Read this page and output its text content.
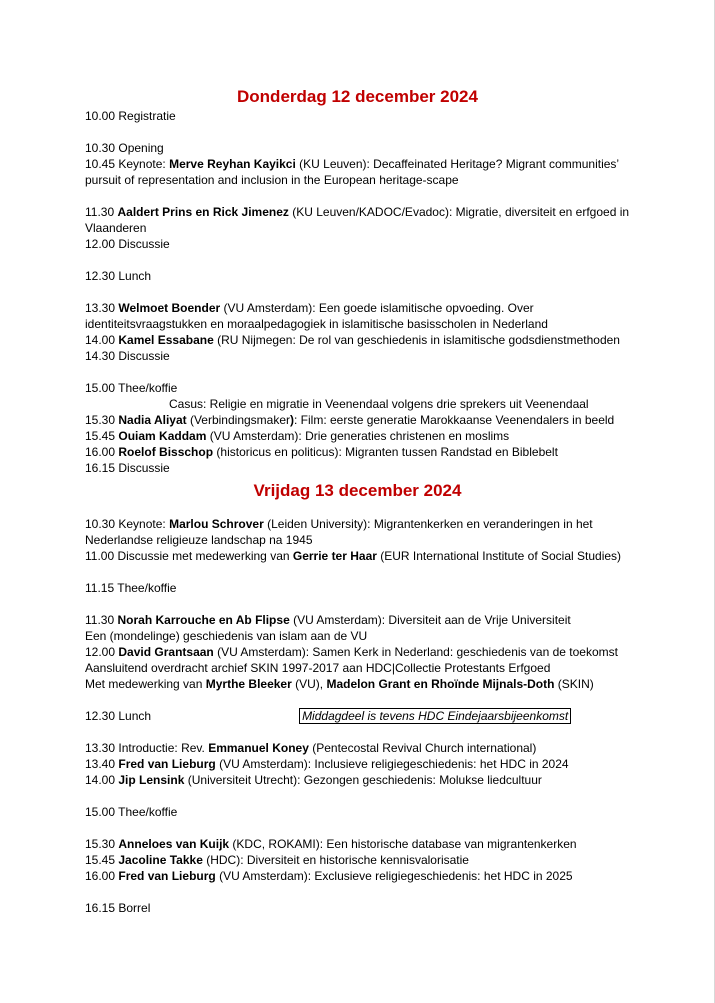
Donderdag 12 december 2024
10.00 Registratie
10.30 Opening
10.45 Keynote: Merve Reyhan Kayikci (KU Leuven): Decaffeinated Heritage? Migrant communities’
pursuit of representation and inclusion in the European heritage-scape
11.30 Aaldert Prins en Rick Jimenez (KU Leuven/KADOC/Evadoc): Migratie, diversiteit en erfgoed in
Vlaanderen
12.00 Discussie
12.30 Lunch
13.30 Welmoet Boender (VU Amsterdam): Een goede islamitische opvoeding. Over
identiteitsvraagstukken en moraalpedagogiek in islamitische basisscholen in Nederland
14.00 Kamel Essabane (RU Nijmegen: De rol van geschiedenis in islamitische godsdienstmethoden
14.30 Discussie
15.00 Thee/koffie
Casus: Religie en migratie in Veenendaal volgens drie sprekers uit Veenendaal
15.30 Nadia Aliyat (Verbindingsmaker): Film: eerste generatie Marokkaanse Veenendalers in beeld
15.45 Ouiam Kaddam (VU Amsterdam): Drie generaties christenen en moslims
16.00 Roelof Bisschop (historicus en politicus): Migranten tussen Randstad en Biblebelt
16.15 Discussie
Vrijdag 13 december 2024
10.30 Keynote: Marlou Schrover (Leiden University): Migrantenkerken en veranderingen in het
Nederlandse religieuze landschap na 1945
11.00 Discussie met medewerking van Gerrie ter Haar (EUR International Institute of Social Studies)
11.15 Thee/koffie
11.30 Norah Karrouche en Ab Flipse (VU Amsterdam): Diversiteit aan de Vrije Universiteit
Een (mondelinge) geschiedenis van islam aan de VU
12.00 David Grantsaan (VU Amsterdam): Samen Kerk in Nederland: geschiedenis van de toekomst
Aansluitend overdracht archief SKIN 1997-2017 aan HDC|Collectie Protestants Erfgoed
Met medewerking van Myrthe Bleeker (VU), Madelon Grant en Rhoïnde Mijnals-Doth (SKIN)
12.30 Lunch	Middagdeel is tevens HDC Eindejaarsbijeenkomst
13.30 Introductie: Rev. Emmanuel Koney (Pentecostal Revival Church international)
13.40 Fred van Lieburg (VU Amsterdam): Inclusieve religiegeschiedenis: het HDC in 2024
14.00 Jip Lensink (Universiteit Utrecht): Gezongen geschiedenis: Molukse liedcultuur
15.00 Thee/koffie
15.30 Anneloes van Kuijk (KDC, ROKAMI): Een historische database van migrantenkerken
15.45 Jacoline Takke (HDC): Diversiteit en historische kennisvalorisatie
16.00 Fred van Lieburg (VU Amsterdam): Exclusieve religiegeschiedenis: het HDC in 2025
16.15 Borrel
